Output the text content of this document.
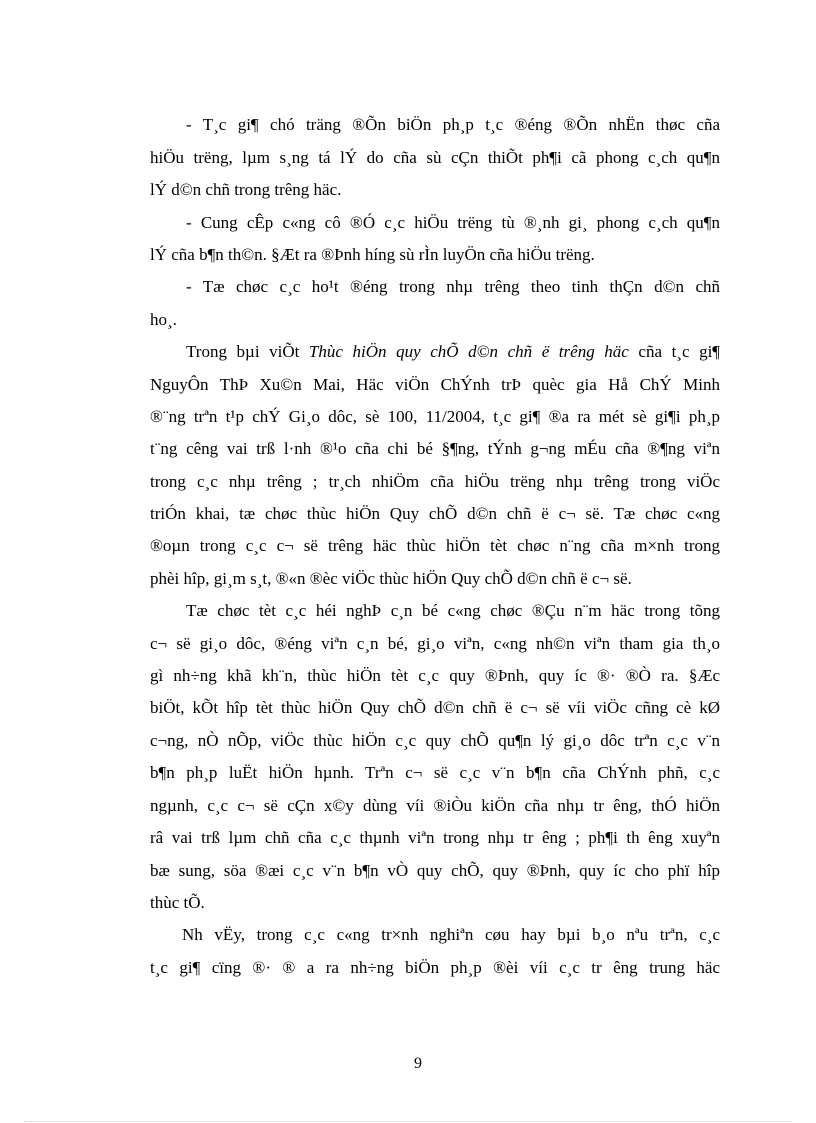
- T¸c gi¶ chó träng ®Õn biÖn ph¸p t¸c ®éng ®Õn nhËn thøc cña

hiÖu trëng, lµm s¸ng tá lÝ do cña sù cÇn thiÕt ph¶i cã phong c¸ch qu¶n

lÝ d©n chñ trong trêng häc.

- Cung cÊp c«ng cô ®Ó c¸c hiÖu trëng tù ®¸nh gi¸ phong c¸ch qu¶n

lÝ cña b¶n th©n. §Æt ra ®Þnh híng sù rÌn luyÖn cña hiÖu trëng.

- Tæ chøc c¸c ho¹t ®éng trong nhµ trêng theo tinh thÇn d©n chñ

ho¸.

Trong bµi viÕt Thùc hiÖn quy chÕ d©n chñ ë trêng häc cña t¸c gi¶

NguyÔn ThÞ Xu©n Mai, Häc viÖn ChÝnh trÞ quèc gia Hå ChÝ Minh

®¨ng trªn t¹p chÝ Gi¸o dôc, sè 100, 11/2004, t¸c gi¶ ®a ra mét sè gi¶i ph¸p

t¨ng cêng vai trß l·nh ®¹o cña chi bé §¶ng, tÝnh g¬ng mÉu cña ®¶ng viªn

trong c¸c nhµ trêng ; tr¸ch nhiÖm cña hiÖu trëng nhµ trêng trong viÖc

triÓn khai, tæ chøc thùc hiÖn Quy chÕ d©n chñ ë c¬ së. Tæ chøc c«ng

®oµn trong c¸c c¬ së trêng häc thùc hiÖn tèt chøc n¨ng cña m×nh trong

phèi hîp, gi¸m s¸t, ®«n ®èc viÖc thùc hiÖn Quy chÕ d©n chñ ë c¬ së.

Tæ chøc tèt c¸c héi nghÞ c¸n bé c«ng chøc ®Çu n¨m häc trong tõng

c¬ së gi¸o dôc, ®éng viªn c¸n bé, gi¸o viªn, c«ng nh©n viªn tham gia th¸o

gì nh÷ng khã kh¨n, thùc hiÖn tèt c¸c quy ®Þnh, quy íc ®· ®Ò ra. §Æc

biÖt, kÕt hîp tèt thùc hiÖn Quy chÕ d©n chñ ë c¬ së víi viÖc cñng cè kØ

c¬ng, nÒ nÕp, viÖc thùc hiÖn c¸c quy chÕ qu¶n lý gi¸o dôc trªn c¸c v¨n

b¶n ph¸p luËt hiÖn hµnh. Trªn c¬ së c¸c v¨n b¶n cña ChÝnh phñ, c¸c

ngµnh, c¸c c¬ së cÇn x©y dùng víi ®iÒu kiÖn cña nhµ tr êng, thÓ hiÖn

râ vai trß lµm chñ cña c¸c thµnh viªn trong nhµ tr êng ; ph¶i th êng xuyªn

bæ sung, söa ®æi c¸c v¨n b¶n vÒ quy chÕ, quy ®Þnh, quy íc cho phï hîp

thùc tÕ.

Nh vËy, trong c¸c c«ng tr×nh nghiªn cøu hay bµi b¸o nªu trªn, c¸c

t¸c gi¶ cïng ®· ® a ra nh÷ng biÖn ph¸p ®èi víi c¸c tr êng trung häc

9
